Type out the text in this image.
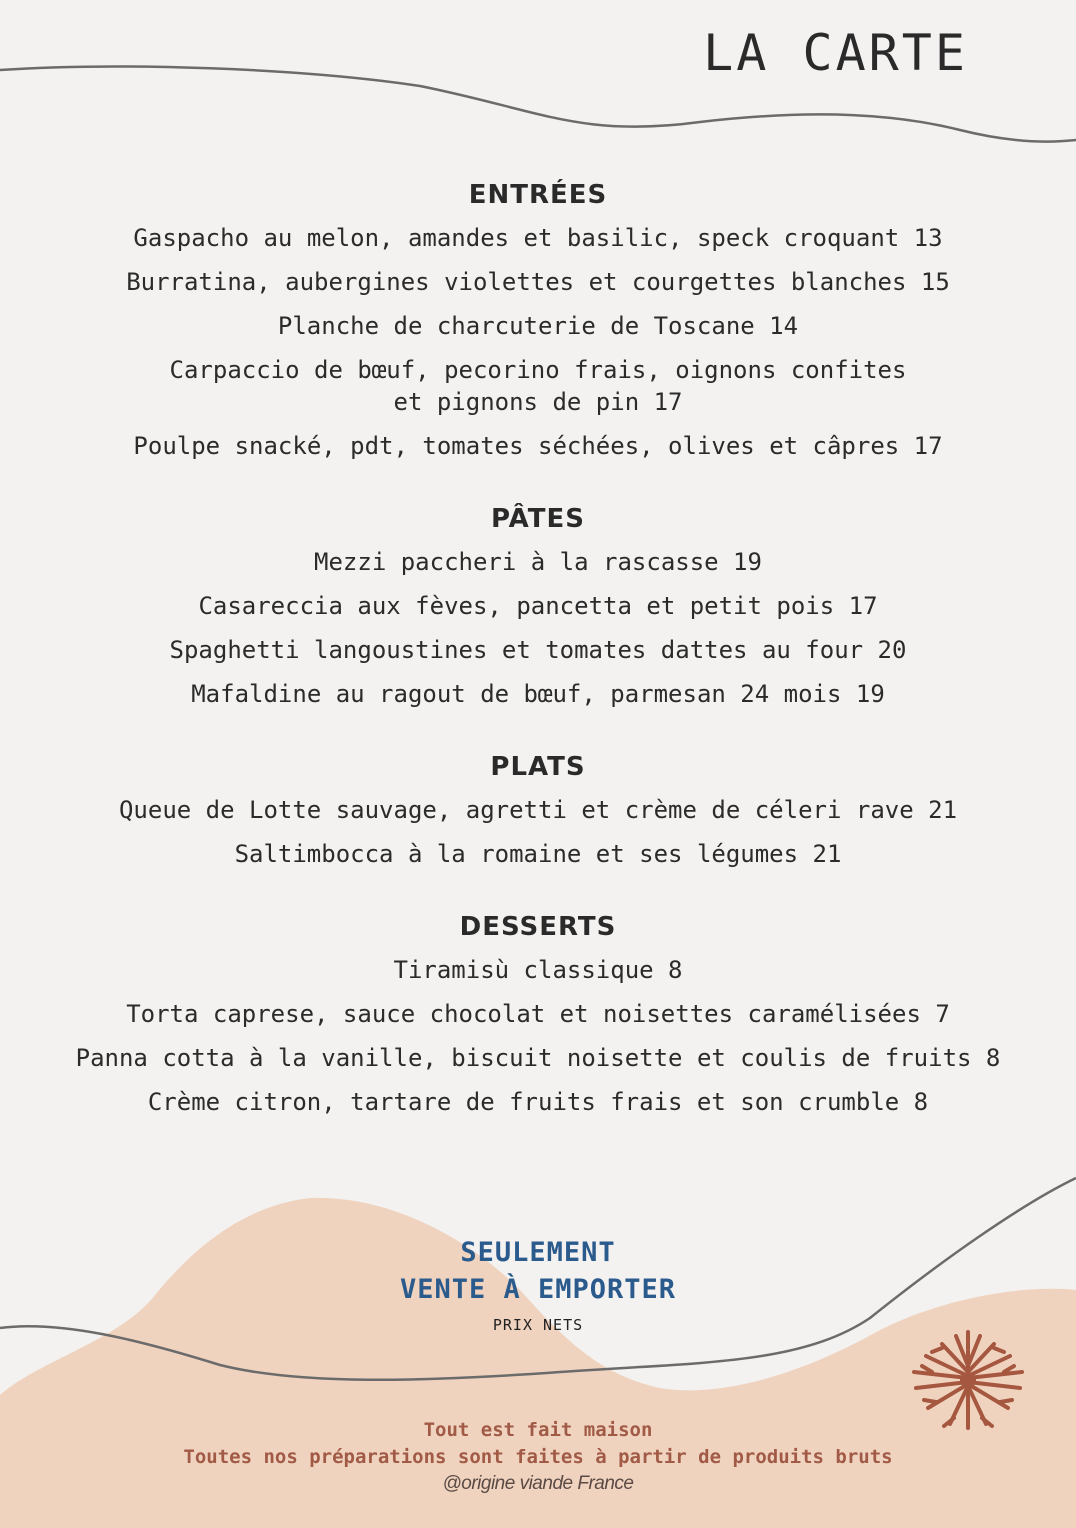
LA CARTE
ENTRÉES
Gaspacho au melon, amandes et basilic, speck croquant 13
Burratina, aubergines violettes et courgettes blanches 15
Planche de charcuterie de Toscane 14
Carpaccio de bœuf, pecorino frais, oignons confites
et pignons de pin 17
Poulpe snacké, pdt, tomates séchées, olives et câpres 17
PÂTES
Mezzi paccheri à la rascasse 19
Casareccia aux fèves, pancetta et petit pois 17
Spaghetti langoustines et tomates dattes au four 20
Mafaldine au ragout de bœuf, parmesan 24 mois 19
PLATS
Queue de Lotte sauvage, agretti et crème de céleri rave 21
Saltimbocca à la romaine et ses légumes 21
DESSERTS
Tiramisù classique 8
Torta caprese, sauce chocolat et noisettes caramélisées 7
Panna cotta à la vanille, biscuit noisette et coulis de fruits 8
Crème citron, tartare de fruits frais et son crumble 8
SEULEMENT
VENTE À EMPORTER
PRIX NETS
Tout est fait maison
Toutes nos préparations sont faites à partir de produits bruts
@origine viande France
